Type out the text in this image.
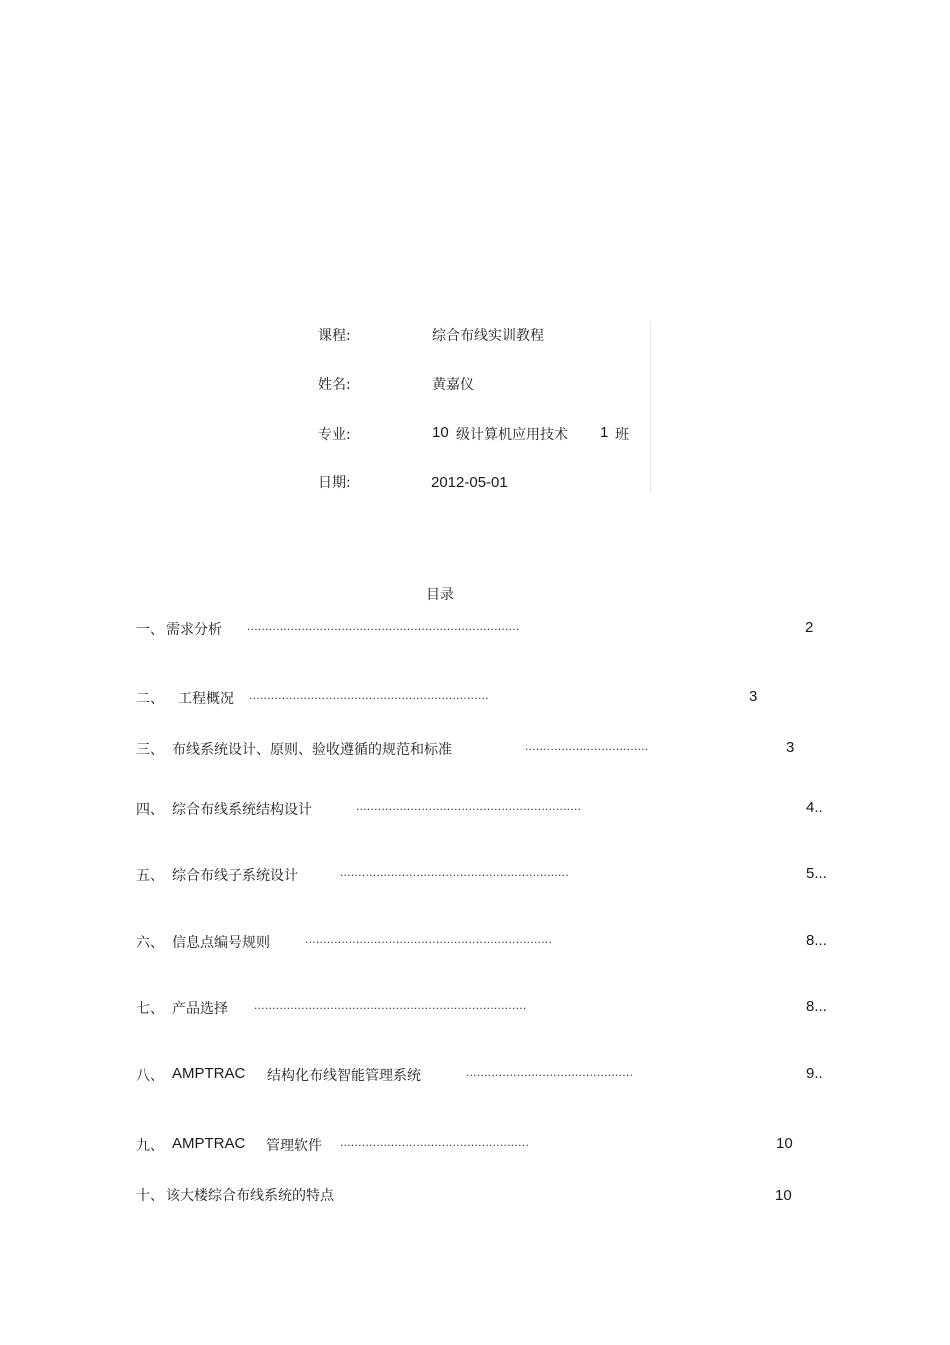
课程:	综合布线实训教程
姓名:	黄嘉仪
专业:	10 级计算机应用技术 1 班
日期:	2012-05-01
目录
一、 需求分析 ...........................................................................	2
二、 工程概况 ..................................................................	3
三、 布线系统设计、原则、验收遵循的规范和标准	..................................	3
四、 综合布线系统结构设计	..............................................................	4..
五、 综合布线子系统设计	...............................................................	5...
六、 信息点编号规则	....................................................................	8...
七、 产品选择 ...........................................................................	8...
八、 AMPTRAC 结构化布线智能管理系统	..............................................	9..
九、 AMPTRAC 管理软件 ....................................................	10
十、 该大楼综合布线系统的特点	10
